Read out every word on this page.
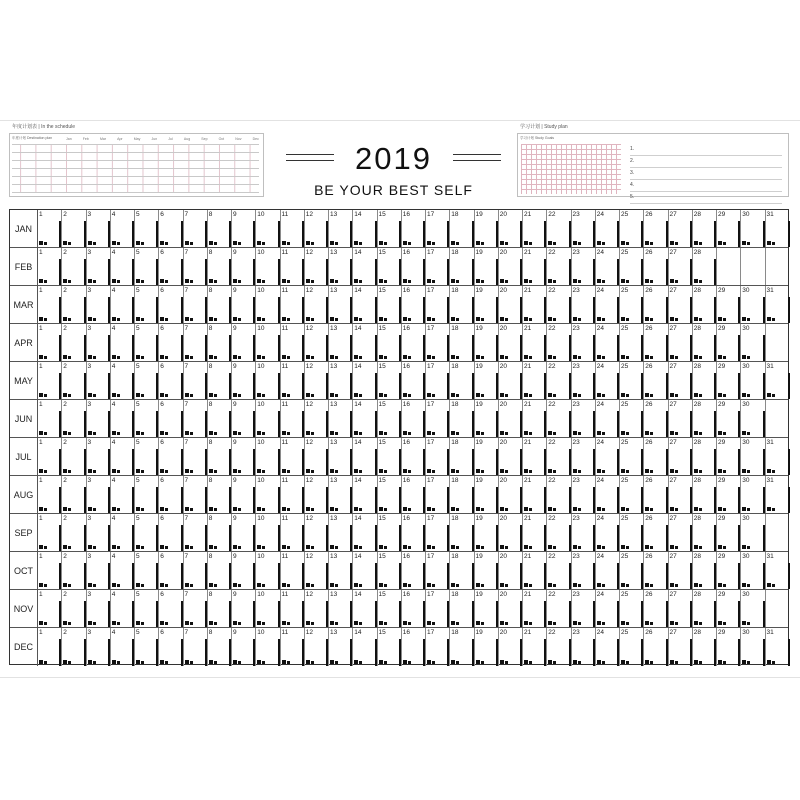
年度计划表 | In the schedule
年度计划 Destination plan	Jan	Feb	Mar	Apr	May	Jun	Jul	Aug	Sep	Oct	Nov	Dec
2019
BE YOUR BEST SELF
学习计划 | Study plan
学习计划 Study Goals
1.
2.
3.
4.
5.
JAN
1	2	3	4	5	6	7	8	9	10	11	12	13	14	15	16	17	18	19	20	21	22	23	24	25	26	27	28	29	30	31
FEB
1	2	3	4	5	6	7	8	9	10	11	12	13	14	15	16	17	18	19	20	21	22	23	24	25	26	27	28
MAR
1	2	3	4	5	6	7	8	9	10	11	12	13	14	15	16	17	18	19	20	21	22	23	24	25	26	27	28	29	30	31
APR
1	2	3	4	5	6	7	8	9	10	11	12	13	14	15	16	17	18	19	20	21	22	23	24	25	26	27	28	29	30
MAY
1	2	3	4	5	6	7	8	9	10	11	12	13	14	15	16	17	18	19	20	21	22	23	24	25	26	27	28	29	30	31
JUN
1	2	3	4	5	6	7	8	9	10	11	12	13	14	15	16	17	18	19	20	21	22	23	24	25	26	27	28	29	30
JUL
1	2	3	4	5	6	7	8	9	10	11	12	13	14	15	16	17	18	19	20	21	22	23	24	25	26	27	28	29	30	31
AUG
1	2	3	4	5	6	7	8	9	10	11	12	13	14	15	16	17	18	19	20	21	22	23	24	25	26	27	28	29	30	31
SEP
1	2	3	4	5	6	7	8	9	10	11	12	13	14	15	16	17	18	19	20	21	22	23	24	25	26	27	28	29	30
OCT
1	2	3	4	5	6	7	8	9	10	11	12	13	14	15	16	17	18	19	20	21	22	23	24	25	26	27	28	29	30	31
NOV
1	2	3	4	5	6	7	8	9	10	11	12	13	14	15	16	17	18	19	20	21	22	23	24	25	26	27	28	29	30
DEC
1	2	3	4	5	6	7	8	9	10	11	12	13	14	15	16	17	18	19	20	21	22	23	24	25	26	27	28	29	30	31
